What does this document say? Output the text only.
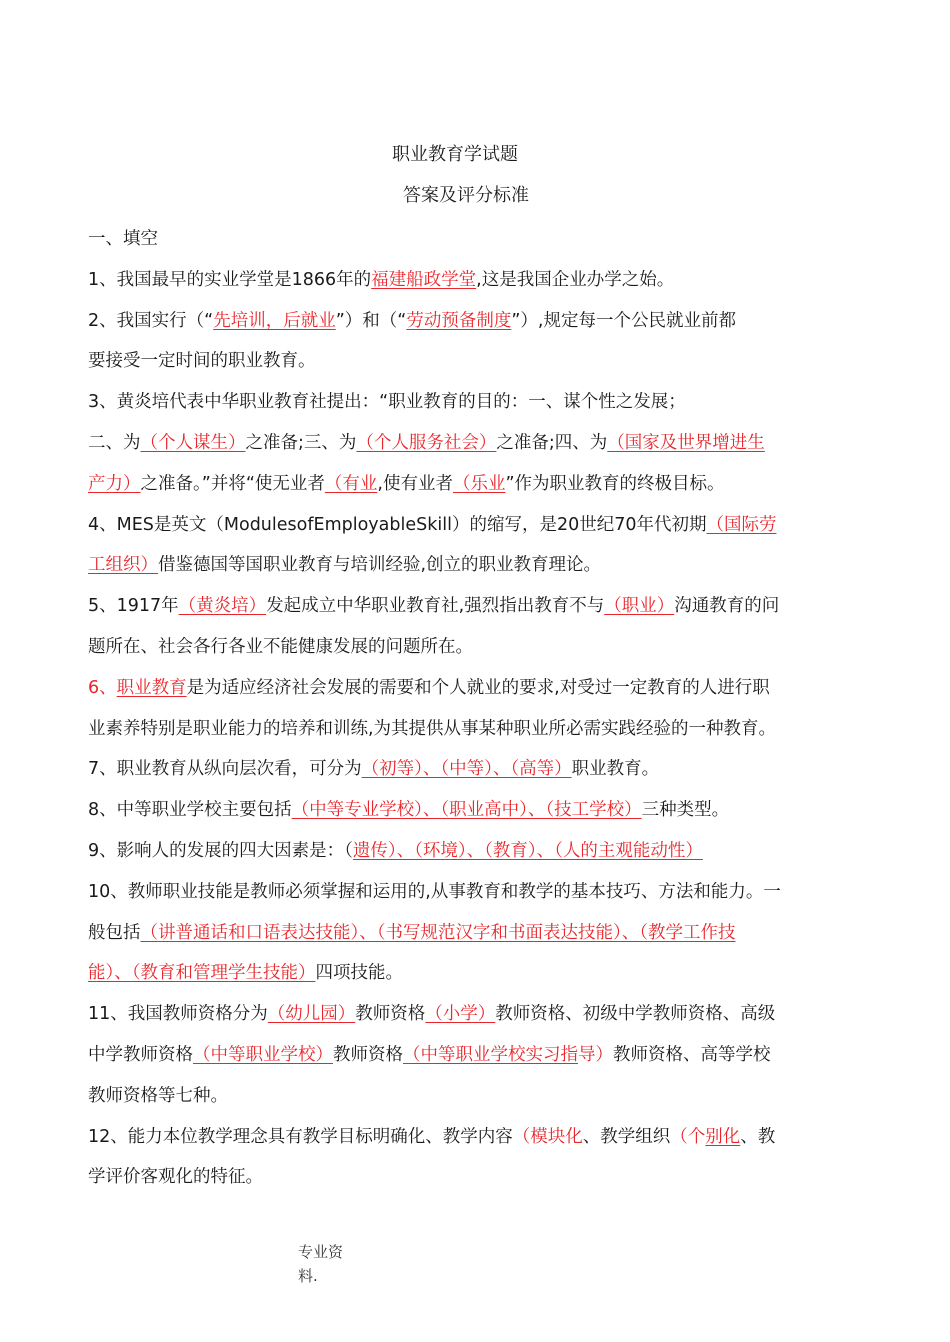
职业教育学试题
答案及评分标准
一、填空
1、我国最早的实业学堂是1866年的福建船政学堂,这是我国企业办学之始。
2、我国实行（“先培训，后就业”）和（“劳动预备制度”）,规定每一个公民就业前都
要接受一定时间的职业教育。
3、黄炎培代表中华职业教育社提出：“职业教育的目的：一、谋个性之发展；
二、为（个人谋生）之准备;三、为（个人服务社会）之准备;四、为（国家及世界增进生
产力）之准备。”并将“使无业者（有业,使有业者（乐业”作为职业教育的终极目标。
4、MES是英文（ModulesofEmployableSkill）的缩写，是20世纪70年代初期（国际劳
工组织）借鉴德国等国职业教育与培训经验,创立的职业教育理论。
5、1917年（黄炎培）发起成立中华职业教育社,强烈指出教育不与（职业）沟通教育的问
题所在、社会各行各业不能健康发展的问题所在。
6、职业教育是为适应经济社会发展的需要和个人就业的要求,对受过一定教育的人进行职
业素养特别是职业能力的培养和训练,为其提供从事某种职业所必需实践经验的一种教育。
7、职业教育从纵向层次看，可分为（初等）、（中等）、（高等）职业教育。
8、中等职业学校主要包括（中等专业学校）、（职业高中）、（技工学校）三种类型。
9、影响人的发展的四大因素是：（遗传）、（环境）、（教育）、（人的主观能动性）
10、教师职业技能是教师必须掌握和运用的,从事教育和教学的基本技巧、方法和能力。一
般包括（讲普通话和口语表达技能）、（书写规范汉字和书面表达技能）、（教学工作技
能）、（教育和管理学生技能）四项技能。
11、我国教师资格分为（幼儿园）教师资格（小学）教师资格、初级中学教师资格、高级
中学教师资格（中等职业学校）教师资格（中等职业学校实习指导）教师资格、高等学校
教师资格等七种。
12、能力本位教学理念具有教学目标明确化、教学内容（模块化、教学组织（个别化、教
学评价客观化的特征。
专业资
料.
